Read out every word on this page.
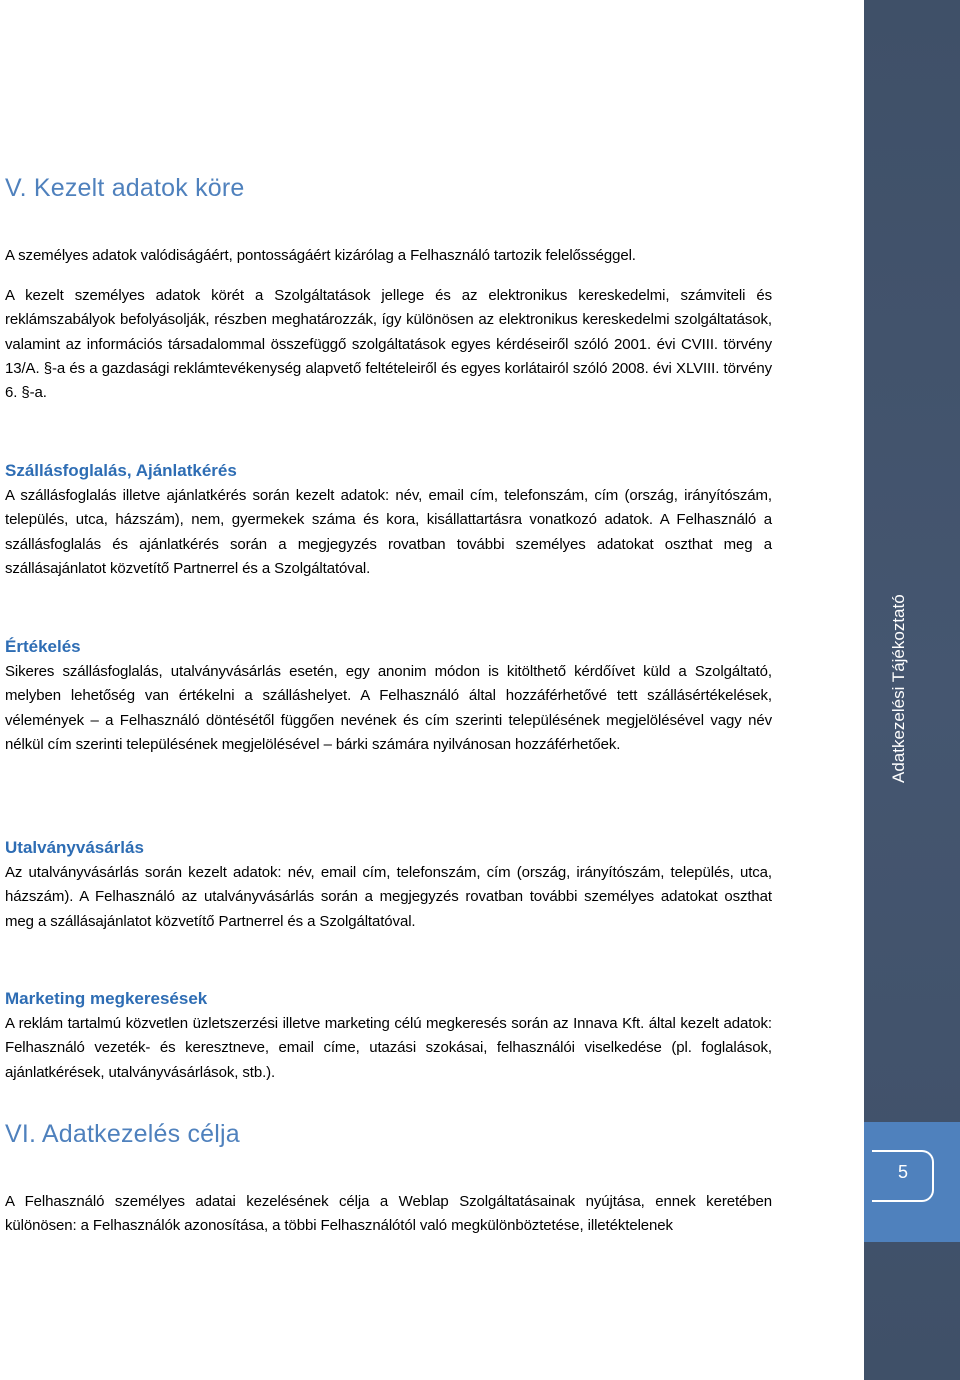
Adatkezelési Tájékoztató
5
V. Kezelt adatok köre

A személyes adatok valódiságáért, pontosságáért kizárólag a Felhasználó tartozik felelősséggel.

A kezelt személyes adatok körét a Szolgáltatások jellege és az elektronikus kereskedelmi, számviteli és reklámszabályok befolyásolják, részben meghatározzák, így különösen az elektronikus kereskedelmi szolgáltatások, valamint az információs társadalommal összefüggő szolgáltatások egyes kérdéseiről szóló 2001. évi CVIII. törvény 13/A. §-a és a gazdasági reklámtevékenység alapvető feltételeiről és egyes korlátairól szóló 2008. évi XLVIII. törvény 6. §-a.

Szállásfoglalás, Ajánlatkérés

A szállásfoglalás illetve ajánlatkérés során kezelt adatok: név, email cím, telefonszám, cím (ország, irányítószám, település, utca, házszám), nem, gyermekek száma és kora, kisállattartásra vonatkozó adatok. A Felhasználó a szállásfoglalás és ajánlatkérés során a megjegyzés rovatban további személyes adatokat oszthat meg a szállásajánlatot közvetítő Partnerrel és a Szolgáltatóval.

Értékelés

Sikeres szállásfoglalás, utalványvásárlás esetén, egy anonim módon is kitölthető kérdőívet küld a Szolgáltató, melyben lehetőség van értékelni a szálláshelyet. A Felhasználó által hozzáférhetővé tett szállásértékelések, vélemények – a Felhasználó döntésétől függően nevének és cím szerinti településének megjelölésével vagy név nélkül cím szerinti településének megjelölésével – bárki számára nyilvánosan hozzáférhetőek.

Utalványvásárlás

Az utalványvásárlás során kezelt adatok: név, email cím, telefonszám, cím (ország, irányítószám, település, utca, házszám). A Felhasználó az utalványvásárlás során a megjegyzés rovatban további személyes adatokat oszthat meg a szállásajánlatot közvetítő Partnerrel és a Szolgáltatóval.

Marketing megkeresések

A reklám tartalmú közvetlen üzletszerzési illetve marketing célú megkeresés során az Innava Kft. által kezelt adatok: Felhasználó vezeték- és keresztneve, email címe, utazási szokásai, felhasználói viselkedése (pl. foglalások, ajánlatkérések, utalványvásárlások, stb.).

VI. Adatkezelés célja

A Felhasználó személyes adatai kezelésének célja a Weblap Szolgáltatásainak nyújtása, ennek keretében különösen: a Felhasználók azonosítása, a többi Felhasználótól való megkülönböztetése, illetéktelenek
